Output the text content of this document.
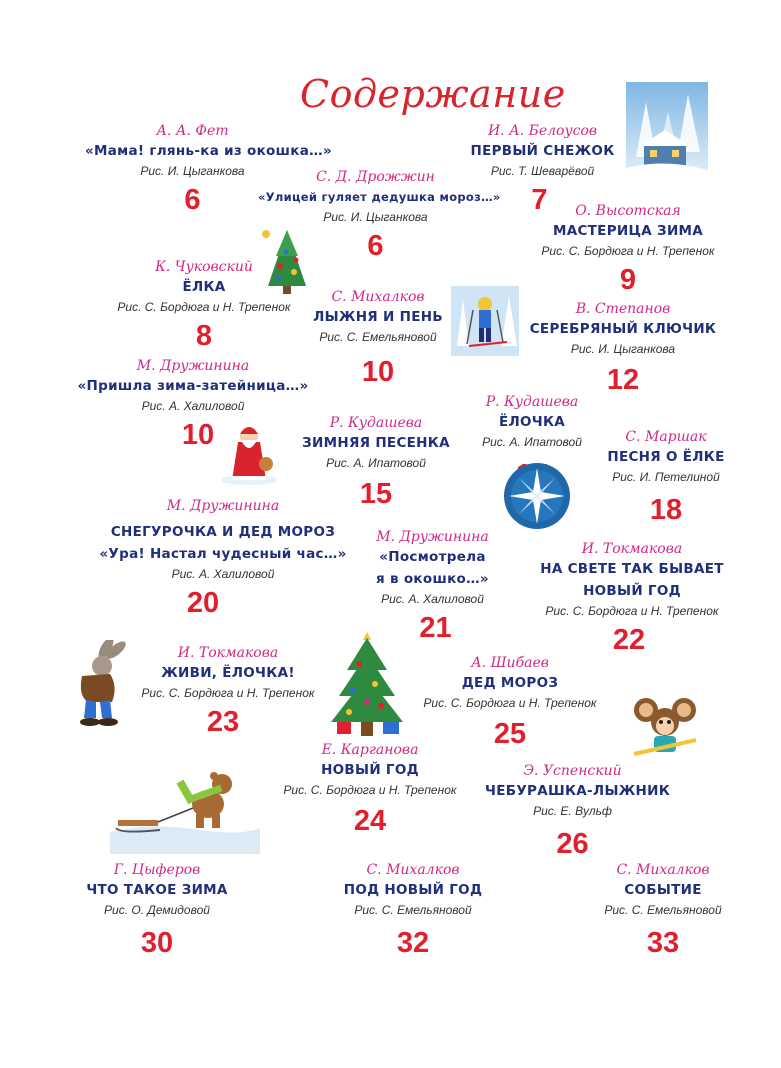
Содержание
А. А. Фет
«Мама! глянь-ка из окошка…»
Рис. И. Цыганкова
6
И. А. Белоусов
ПЕРВЫЙ СНЕЖОК
Рис. Т. Шеварёвой
7
С. Д. Дрожжин
«Улицей гуляет дедушка мороз…»
Рис. И. Цыганкова
6
О. Высотская
МАСТЕРИЦА ЗИМА
Рис. С. Бордюга и Н. Трепенок
9
К. Чуковский
ЁЛКА
Рис. С. Бордюга и Н. Трепенок
8
С. Михалков
ЛЫЖНЯ И ПЕНЬ
Рис. С. Емельяновой
10
В. Степанов
СЕРЕБРЯНЫЙ КЛЮЧИК
Рис. И. Цыганкова
12
М. Дружинина
«Пришла зима-затейница…»
Рис. А. Халиловой
10	Р. Кудашева
ЗИМНЯЯ ПЕСЕНКА
Рис. А. Ипатовой
15
Р. Кудашева
ЁЛОЧКА
Рис. А. Ипатовой	С. Маршак
ПЕСНЯ О ЁЛКЕ
Рис. И. Петелиной
18
М. Дружинина
СНЕГУРОЧКА И ДЕД МОРОЗ
«Ура! Настал чудесный час…»
Рис. А. Халиловой
20
М. Дружинина
«Посмотрела
я в окошко…»
Рис. А. Халиловой
21
И. Токмакова
НА СВЕТЕ ТАК БЫВАЕТ
НОВЫЙ ГОД
Рис. С. Бордюга и Н. Трепенок
22
И. Токмакова
ЖИВИ, ЁЛОЧКА!
Рис. С. Бордюга и Н. Трепенок
23
А. Шибаев
ДЕД МОРОЗ
Рис. С. Бордюга и Н. Трепенок
25
Е. Карганова
НОВЫЙ ГОД
Рис. С. Бордюга и Н. Трепенок
24
Э. Успенский
ЧЕБУРАШКА-ЛЫЖНИК
Рис. Е. Вульф
26
Г. Цыферов
ЧТО ТАКОЕ ЗИМА
Рис. О. Демидовой
30
С. Михалков
ПОД НОВЫЙ ГОД
Рис. С. Емельяновой
32
С. Михалков
СОБЫТИЕ
Рис. С. Емельяновой
33
